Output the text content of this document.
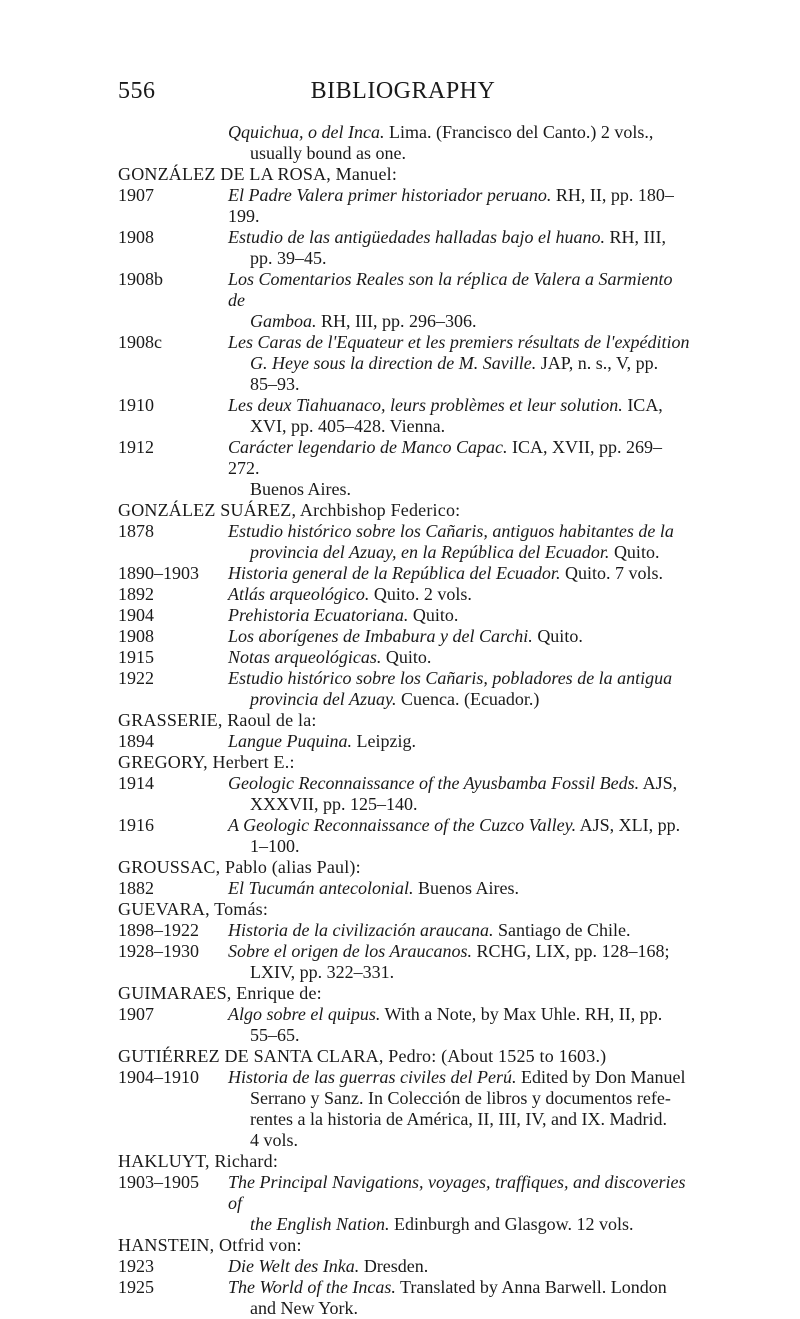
556	BIBLIOGRAPHY
Qquichua, o del Inca. Lima. (Francisco del Canto.) 2 vols.,
usually bound as one.
GONZÁLEZ DE LA ROSA, Manuel:
1907	El Padre Valera primer historiador peruano. RH, II, pp. 180–199.
1908	Estudio de las antigüedades halladas bajo el huano. RH, III,
pp. 39–45.
1908b	Los Comentarios Reales son la réplica de Valera a Sarmiento de
Gamboa. RH, III, pp. 296–306.
1908c	Les Caras de l'Equateur et les premiers résultats de l'expédition
G. Heye sous la direction de M. Saville. JAP, n. s., V, pp.
85–93.
1910	Les deux Tiahuanaco, leurs problèmes et leur solution. ICA,
XVI, pp. 405–428. Vienna.
1912	Carácter legendario de Manco Capac. ICA, XVII, pp. 269–272.
Buenos Aires.
GONZÁLEZ SUÁREZ, Archbishop Federico:
1878	Estudio histórico sobre los Cañaris, antiguos habitantes de la
provincia del Azuay, en la República del Ecuador. Quito.
1890–1903 Historia general de la República del Ecuador. Quito. 7 vols.
1892	Atlás arqueológico. Quito. 2 vols.
1904	Prehistoria Ecuatoriana. Quito.
1908	Los aborígenes de Imbabura y del Carchi. Quito.
1915	Notas arqueológicas. Quito.
1922	Estudio histórico sobre los Cañaris, pobladores de la antigua
provincia del Azuay. Cuenca. (Ecuador.)
GRASSERIE, Raoul de la:
1894	Langue Puquina. Leipzig.
GREGORY, Herbert E.:
1914	Geologic Reconnaissance of the Ayusbamba Fossil Beds. AJS,
XXXVII, pp. 125–140.
1916	A Geologic Reconnaissance of the Cuzco Valley. AJS, XLI, pp.
1–100.
GROUSSAC, Pablo (alias Paul):
1882	El Tucumán antecolonial. Buenos Aires.
GUEVARA, Tomás:
1898–1922 Historia de la civilización araucana. Santiago de Chile.
1928–1930 Sobre el origen de los Araucanos. RCHG, LIX, pp. 128–168;
LXIV, pp. 322–331.
GUIMARAES, Enrique de:
1907	Algo sobre el quipus. With a Note, by Max Uhle. RH, II, pp.
55–65.
GUTIÉRREZ DE SANTA CLARA, Pedro: (About 1525 to 1603.)
1904–1910 Historia de las guerras civiles del Perú. Edited by Don Manuel
Serrano y Sanz. In Colección de libros y documentos refe-
rentes a la historia de América, II, III, IV, and IX. Madrid.
4 vols.
HAKLUYT, Richard:
1903–1905 The Principal Navigations, voyages, traffiques, and discoveries of
the English Nation. Edinburgh and Glasgow. 12 vols.
HANSTEIN, Otfrid von:
1923	Die Welt des Inka. Dresden.
1925	The World of the Incas. Translated by Anna Barwell. London
and New York.
